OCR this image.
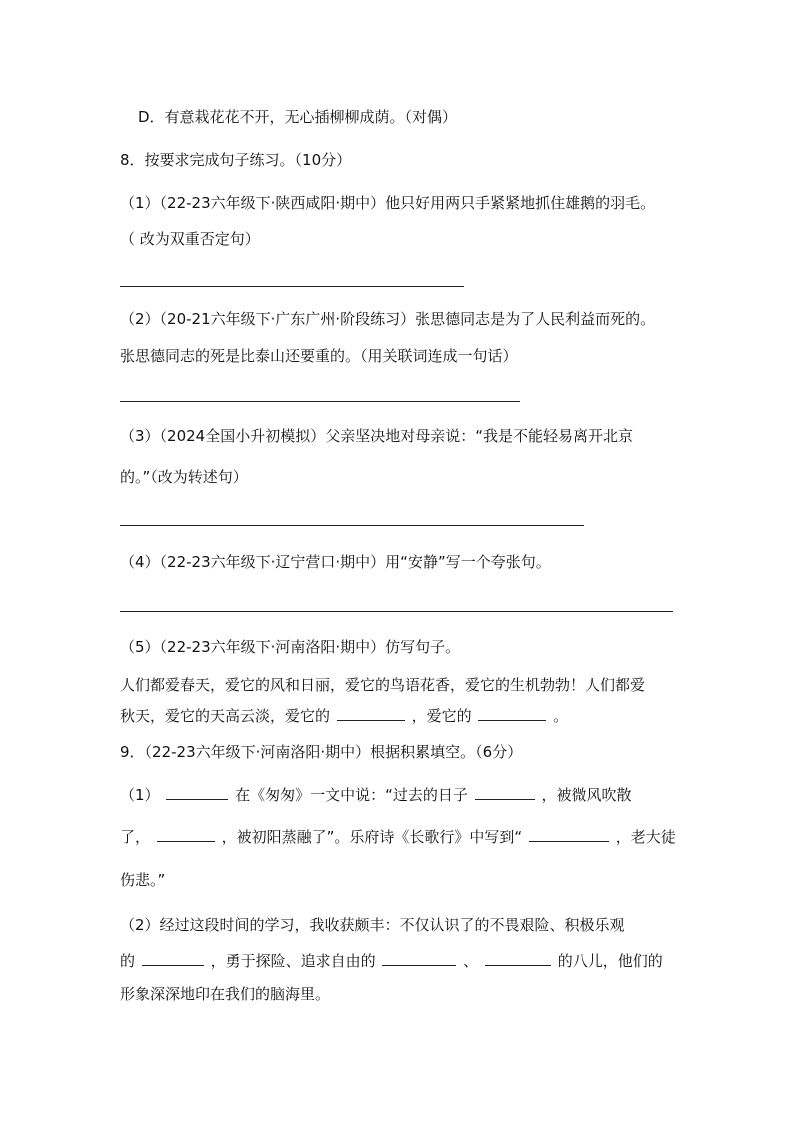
D．有意栽花花不开，无心插柳柳成荫。（对偶）
8．按要求完成句子练习。（10分）
（1）（22-23六年级下·陕西咸阳·期中）他只好用两只手紧紧地抓住雄鹅的羽毛。
（ 改为双重否定句）
（2）（20-21六年级下·广东广州·阶段练习）张思德同志是为了人民利益而死的。
张思德同志的死是比泰山还要重的。（用关联词连成一句话）
（3）（2024全国小升初模拟）父亲坚决地对母亲说：“我是不能轻易离开北京
的。”（改为转述句）
（4）（22-23六年级下·辽宁营口·期中）用“安静”写一个夸张句。
（5）（22-23六年级下·河南洛阳·期中）仿写句子。
人们都爱春天，爱它的风和日丽，爱它的鸟语花香，爱它的生机勃勃！人们都爱
秋天，爱它的天高云淡，爱它的	，爱它的	。
9．（22-23六年级下·河南洛阳·期中）根据积累填空。（6分）
（1）	在《匆匆》一文中说：“过去的日子	，被微风吹散
了，	，被初阳蒸融了”。乐府诗《长歌行》中写到“	，老大徒
伤悲。”
（2）经过这段时间的学习，我收获颇丰：不仅认识了的不畏艰险、积极乐观
的	，勇于探险、追求自由的	、	的八儿，他们的
形象深深地印在我们的脑海里。
